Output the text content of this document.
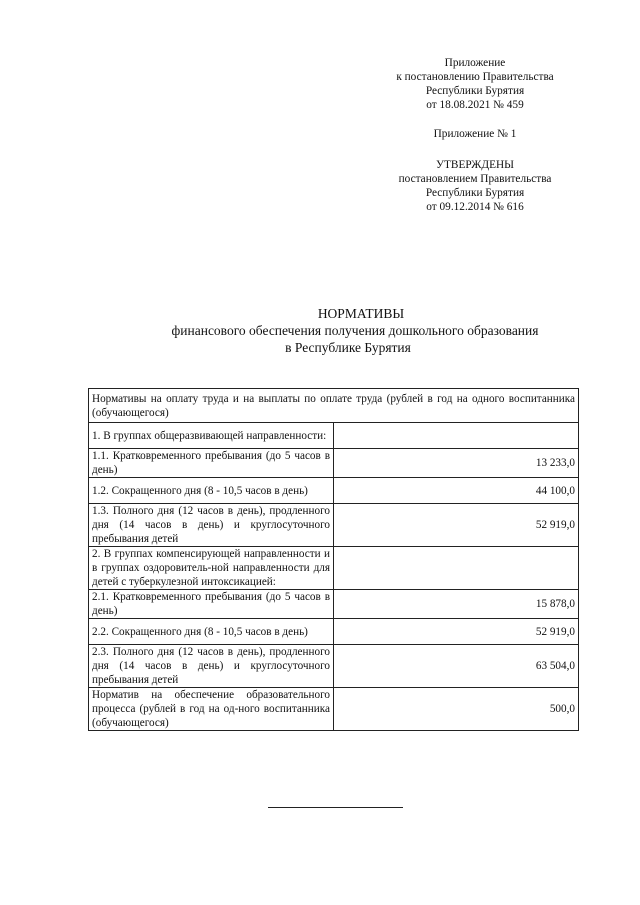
Приложение
к постановлению Правительства
Республики Бурятия
от 18.08.2021 № 459
Приложение № 1
УТВЕРЖДЕНЫ
постановлением Правительства
Республики Бурятия
от 09.12.2014 № 616
НОРМАТИВЫ
финансового обеспечения получения дошкольного образования
в Республике Бурятия
Нормативы на оплату труда и на выплаты по оплате труда (рублей в год на одного воспитанника (обучающегося)	
1. В группах общеразвивающей направленности:	
1.1. Кратковременного пребывания (до 5 часов в день)	13 233,0
1.2. Сокращенного дня (8 - 10,5 часов в день)	44 100,0
1.3. Полного дня (12 часов в день), продленного дня (14 часов в день) и круглосуточного пребывания детей	52 919,0
2. В группах компенсирующей направленности и в группах оздоровитель-ной направленности для детей с туберкулезной интоксикацией:	
2.1. Кратковременного пребывания (до 5 часов в день)	15 878,0
2.2. Сокращенного дня (8 - 10,5 часов в день)	52 919,0
2.3. Полного дня (12 часов в день), продленного дня (14 часов в день) и круглосуточного пребывания детей	63 504,0
Норматив на обеспечение образовательного процесса (рублей в год на од-ного воспитанника (обучающегося)	500,0
